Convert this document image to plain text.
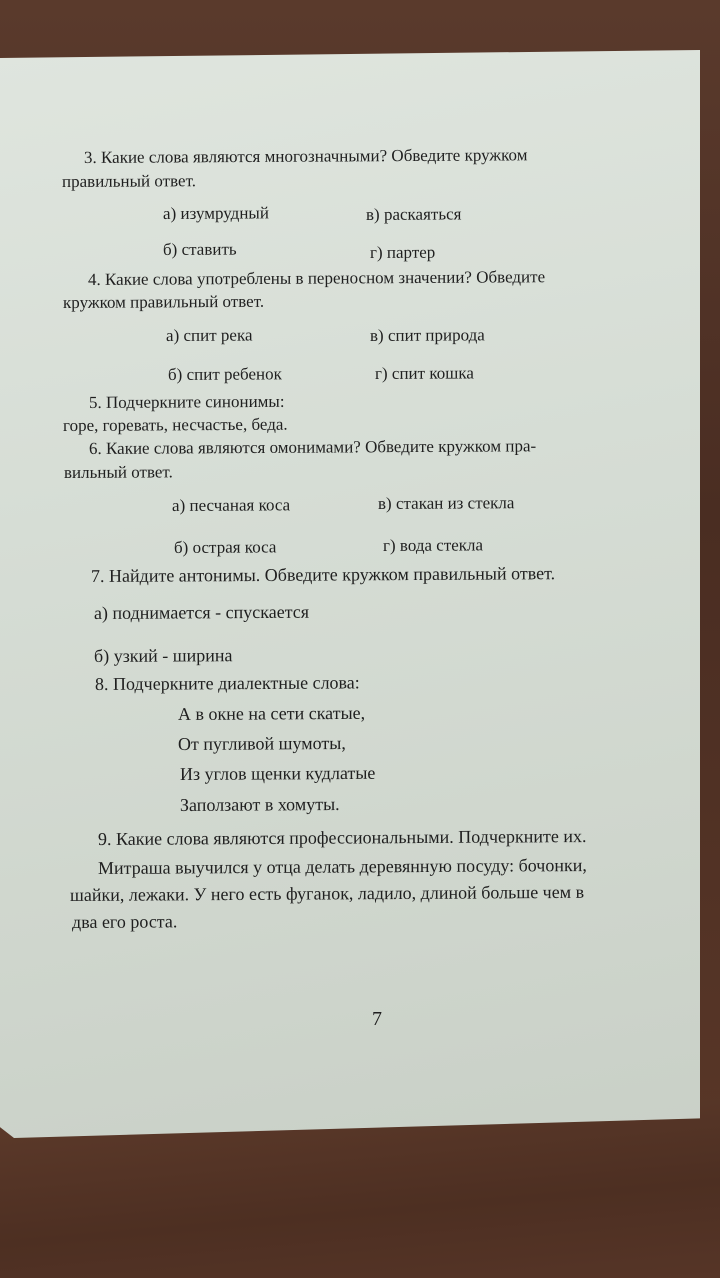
3. Какие слова являются многозначными? Обведите кружком
правильный ответ.
а) изумрудный	в) раскаяться
б) ставить	г) партер
4. Какие слова употреблены в переносном значении? Обведите
кружком правильный ответ.
а) спит река	в) спит природа
б) спит ребенок	г) спит кошка
5. Подчеркните синонимы:
горе, горевать, несчастье, беда.
6. Какие слова являются омонимами? Обведите кружком пра-
вильный ответ.
а) песчаная коса	в) стакан из стекла
б) острая коса	г) вода стекла
7. Найдите антонимы. Обведите кружком правильный ответ.
а) поднимается - спускается
б) узкий - ширина
8. Подчеркните диалектные слова:
А в окне на сети скатые,
От пугливой шумоты,
Из углов щенки кудлатые
Заползают в хомуты.
9. Какие слова являются профессиональными. Подчеркните их.
Митраша выучился у отца делать деревянную посуду: бочонки,
шайки, лежаки. У него есть фуганок, ладило, длиной больше чем в
два его роста.
7
